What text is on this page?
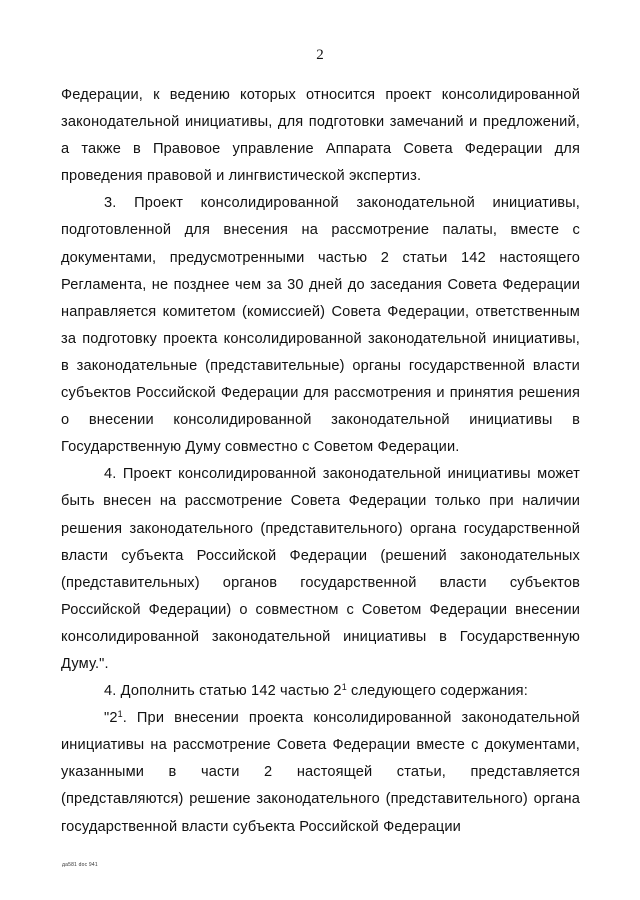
2

Федерации, к ведению которых относится проект консолидированной законодательной инициативы, для подготовки замечаний и предложений, а также в Правовое управление Аппарата Совета Федерации для проведения правовой и лингвистической экспертиз.

3. Проект консолидированной законодательной инициативы, подготовленной для внесения на рассмотрение палаты, вместе с документами, предусмотренными частью 2 статьи 142 настоящего Регламента, не позднее чем за 30 дней до заседания Совета Федерации направляется комитетом (комиссией) Совета Федерации, ответственным за подготовку проекта консолидированной законодательной инициативы, в законодательные (представительные) органы государственной власти субъектов Российской Федерации для рассмотрения и принятия решения о внесении консолидированной законодательной инициативы в Государственную Думу совместно с Советом Федерации.

4. Проект консолидированной законодательной инициативы может быть внесен на рассмотрение Совета Федерации только при наличии решения законодательного (представительного) органа государственной власти субъекта Российской Федерации (решений законодательных (представительных) органов государственной власти субъектов Российской Федерации) о совместном с Советом Федерации внесении консолидированной законодательной инициативы в Государственную Думу.".

4. Дополнить статью 142 частью $2^1$ следующего содержания:

"$2^1$. При внесении проекта консолидированной законодательной инициативы на рассмотрение Совета Федерации вместе с документами, указанными в части 2 настоящей статьи, представляется (представляются) решение законодательного (представительного) органа государственной власти субъекта Российской Федерации

да581 doc 941
